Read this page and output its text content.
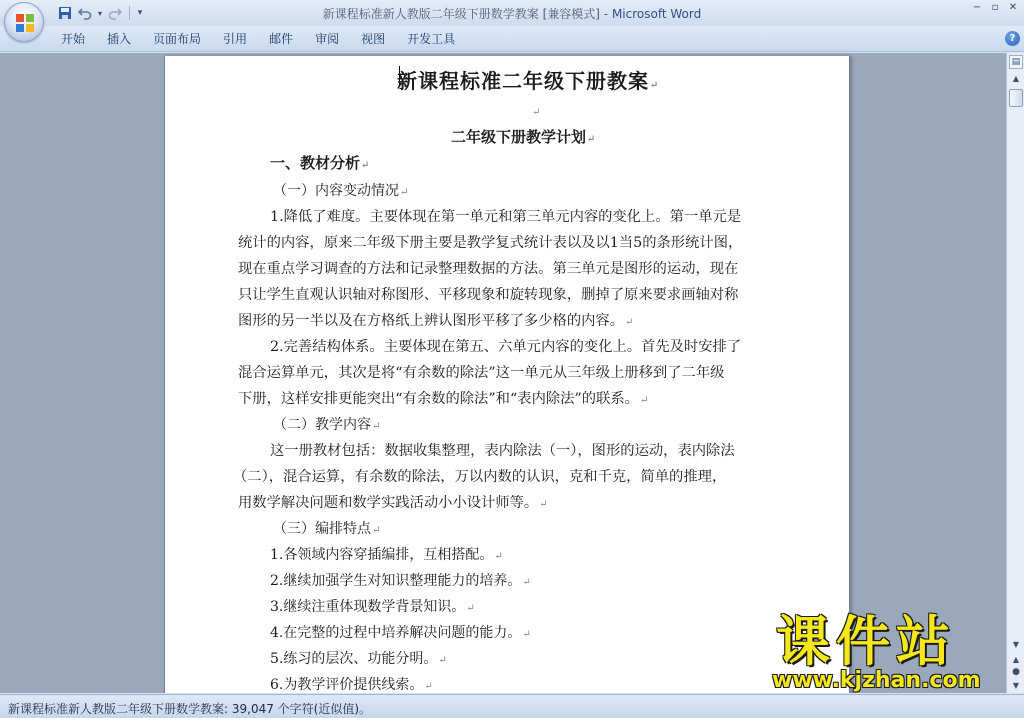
▾	▾	新课程标准新人教版二年级下册数学教案 [兼容模式] - Microsoft Word	−	▫	✕
开始	插入	页面布局	引用	邮件	审阅	视图	开发工具	?
新课程标准二年级下册教案↵
↵
二年级下册教学计划↵
一、教材分析↵
（一）内容变动情况↵
1.降低了难度。主要体现在第一单元和第三单元内容的变化上。第一单元是
统计的内容，原来二年级下册主要是教学复式统计表以及以1当5的条形统计图，
现在重点学习调查的方法和记录整理数据的方法。第三单元是图形的运动，现在
只让学生直观认识轴对称图形、平移现象和旋转现象，删掉了原来要求画轴对称
图形的另一半以及在方格纸上辨认图形平移了多少格的内容。↵
2.完善结构体系。主要体现在第五、六单元内容的变化上。首先及时安排了
混合运算单元，其次是将“有余数的除法”这一单元从三年级上册移到了二年级
下册，这样安排更能突出“有余数的除法”和“表内除法”的联系。↵
（二）教学内容↵
这一册教材包括：数据收集整理，表内除法（一），图形的运动，表内除法
（二），混合运算，有余数的除法，万以内数的认识，克和千克，简单的推理，
用数学解决问题和数学实践活动小小设计师等。↵
（三）编排特点↵
1.各领域内容穿插编排，互相搭配。↵
2.继续加强学生对知识整理能力的培养。↵
3.继续注重体现数学背景知识。↵
4.在完整的过程中培养解决问题的能力。↵
5.练习的层次、功能分明。↵
6.为教学评价提供线索。↵
▤
▲
▼
▲
●
▼
新课程标准新人教版二年级下册数学教案: 39,047 个字符(近似值)。
课件站
www.kjzhan.com
